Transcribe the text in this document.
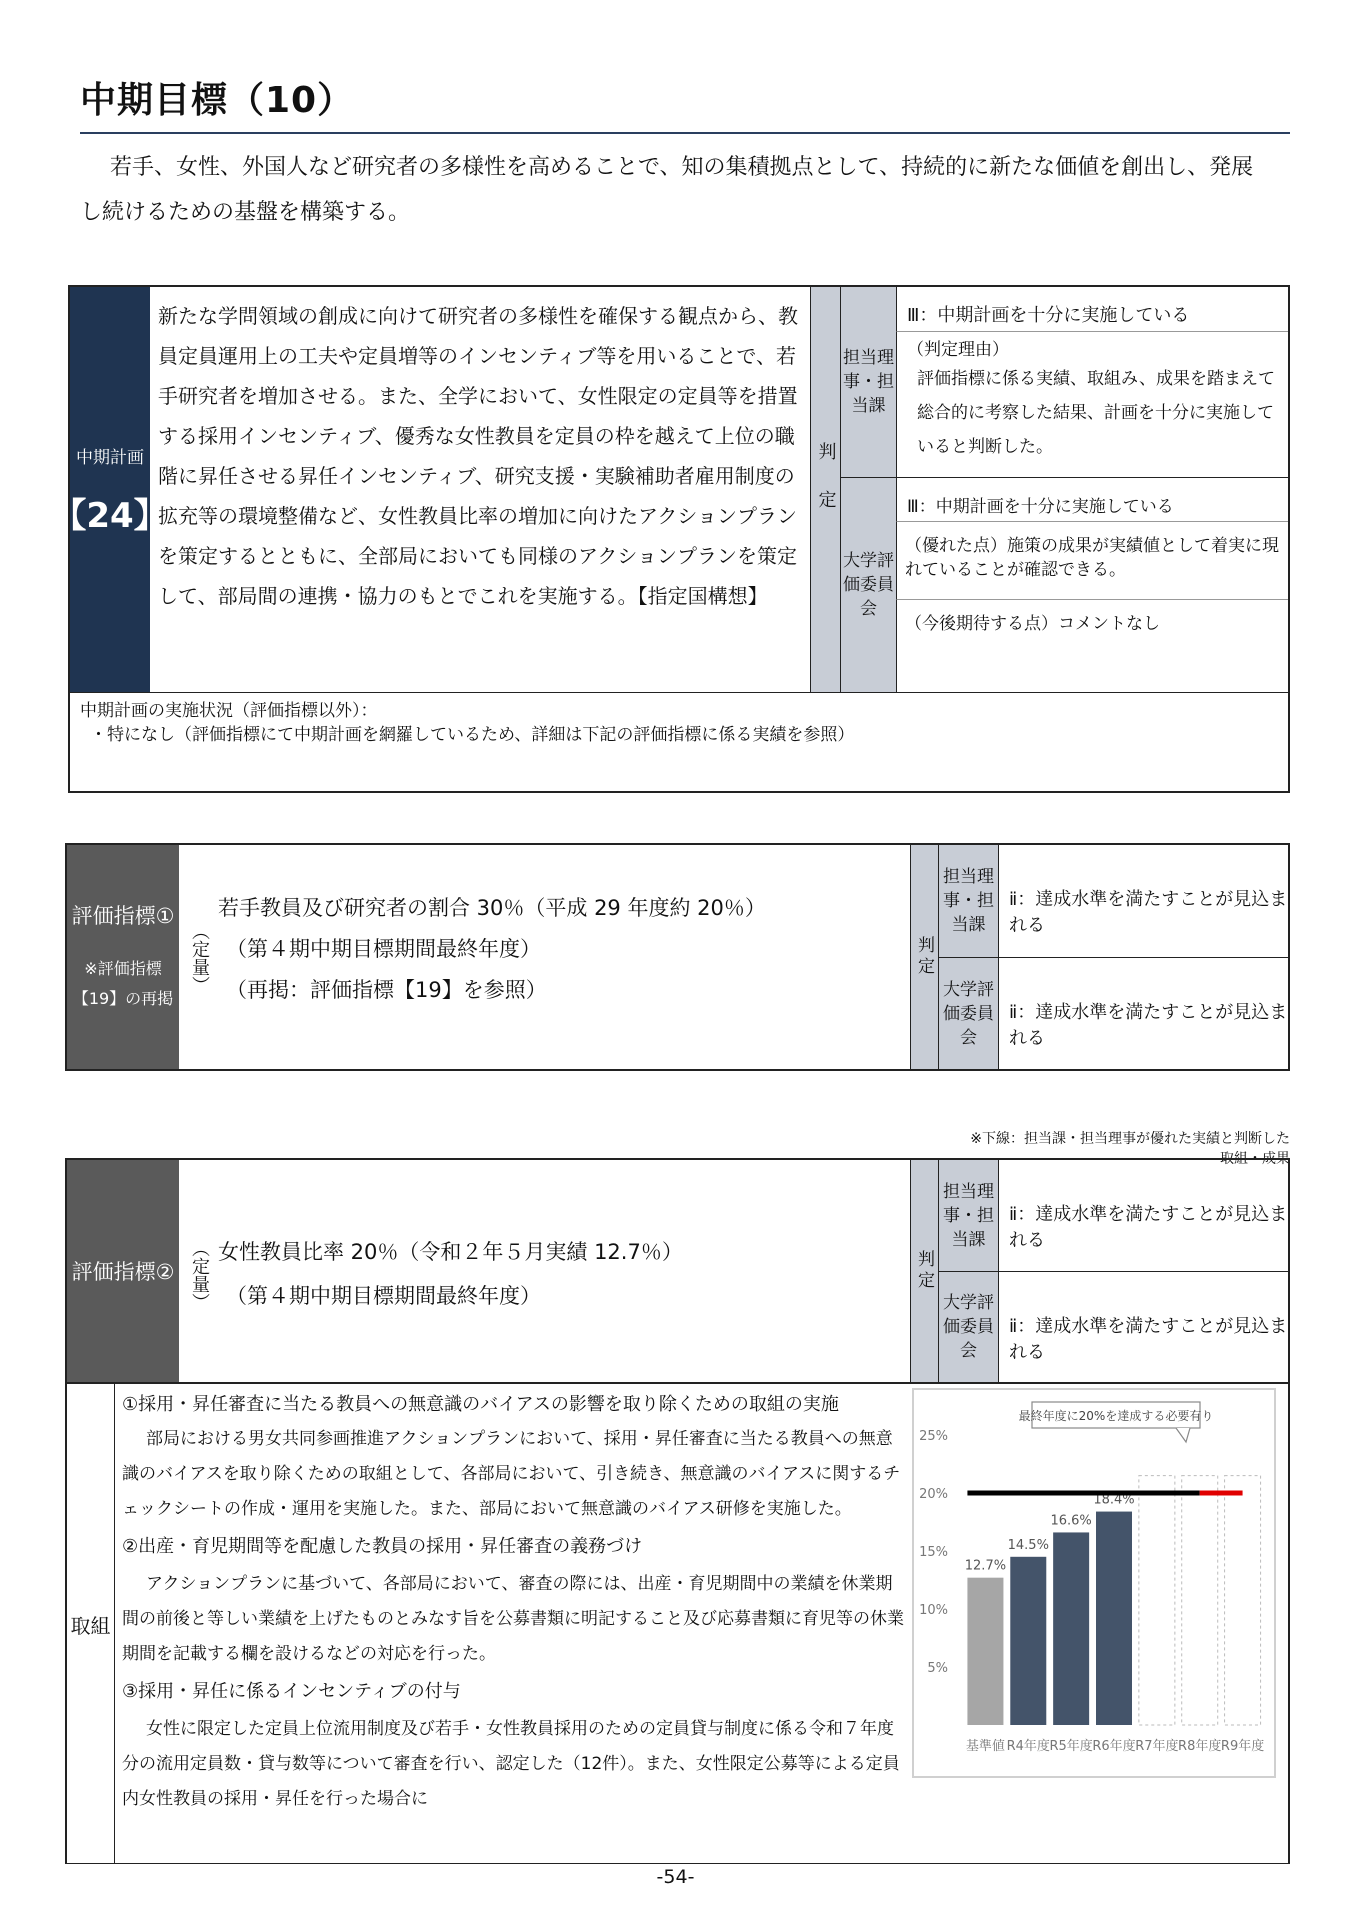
中期目標（10）
若手、女性、外国人など研究者の多様性を高めることで、知の集積拠点として、持続的に新たな価値を創出し、発展し続けるための基盤を構築する。
中期計画
【24】
新たな学問領域の創成に向けて研究者の多様性を確保する観点から、教員定員運用上の工夫や定員増等のインセンティブ等を用いることで、若手研究者を増加させる。また、全学において、女性限定の定員等を措置する採用インセンティブ、優秀な女性教員を定員の枠を越えて上位の職階に昇任させる昇任インセンティブ、研究支援・実験補助者雇用制度の拡充等の環境整備など、女性教員比率の増加に向けたアクションプランを策定するとともに、全部局においても同様のアクションプランを策定して、部局間の連携・協力のもとでこれを実施する。【指定国構想】
判定
担当理事・担当課
大学評価委員会
Ⅲ：中期計画を十分に実施している
（判定理由）
評価指標に係る実績、取組み、成果を踏まえて総合的に考察した結果、計画を十分に実施していると判断した。
Ⅲ：中期計画を十分に実施している
（優れた点）施策の成果が実績値として着実に現れていることが確認できる。
（今後期待する点）コメントなし
中期計画の実施状況（評価指標以外）：
・特になし（評価指標にて中期計画を網羅しているため、詳細は下記の評価指標に係る実績を参照）
評価指標①
※評価指標
【19】の再掲
（定量）
若手教員及び研究者の割合 30％（平成 29 年度約 20％）
（第４期中期目標期間最終年度）
（再掲：評価指標【19】を参照）
判定
担当理事・担当課
大学評価委員会
ⅱ：達成水準を満たすことが見込まれる
ⅱ：達成水準を満たすことが見込まれる
※下線：担当課・担当理事が優れた実績と判断した取組・成果
評価指標② （定量） 女性教員比率 20％（令和２年５月実績 12.7％）
（第４期中期目標期間最終年度）
判定
担当理事・担当課
大学評価委員会
ⅱ：達成水準を満たすことが見込まれる
ⅱ：達成水準を満たすことが見込まれる
取組
①採用・昇任審査に当たる教員への無意識のバイアスの影響を取り除くための取組の実施
部局における男女共同参画推進アクションプランにおいて、採用・昇任審査に当たる教員への無意識のバイアスを取り除くための取組として、各部局において、引き続き、無意識のバイアスに関するチェックシートの作成・運用を実施した。また、部局において無意識のバイアス研修を実施した。
②出産・育児期間等を配慮した教員の採用・昇任審査の義務づけ
アクションプランに基づいて、各部局において、審査の際には、出産・育児期間中の業績を休業期間の前後と等しい業績を上げたものとみなす旨を公募書類に明記すること及び応募書類に育児等の休業期間を記載する欄を設けるなどの対応を行った。
③採用・昇任に係るインセンティブの付与
女性に限定した定員上位流用制度及び若手・女性教員採用のための定員貸与制度に係る令和７年度分の流用定員数・貸与数等について審査を行い、認定した（12件）。また、女性限定公募等による定員内女性教員の採用・昇任を行った場合に
5%
10%
15%
20%
25%
12.7%
基準値
14.5%
R4年度
16.6%
R5年度
18.4%
R6年度 R7年度 R8年度 R9年度
最終年度に20%を達成する必要有り
-54-
